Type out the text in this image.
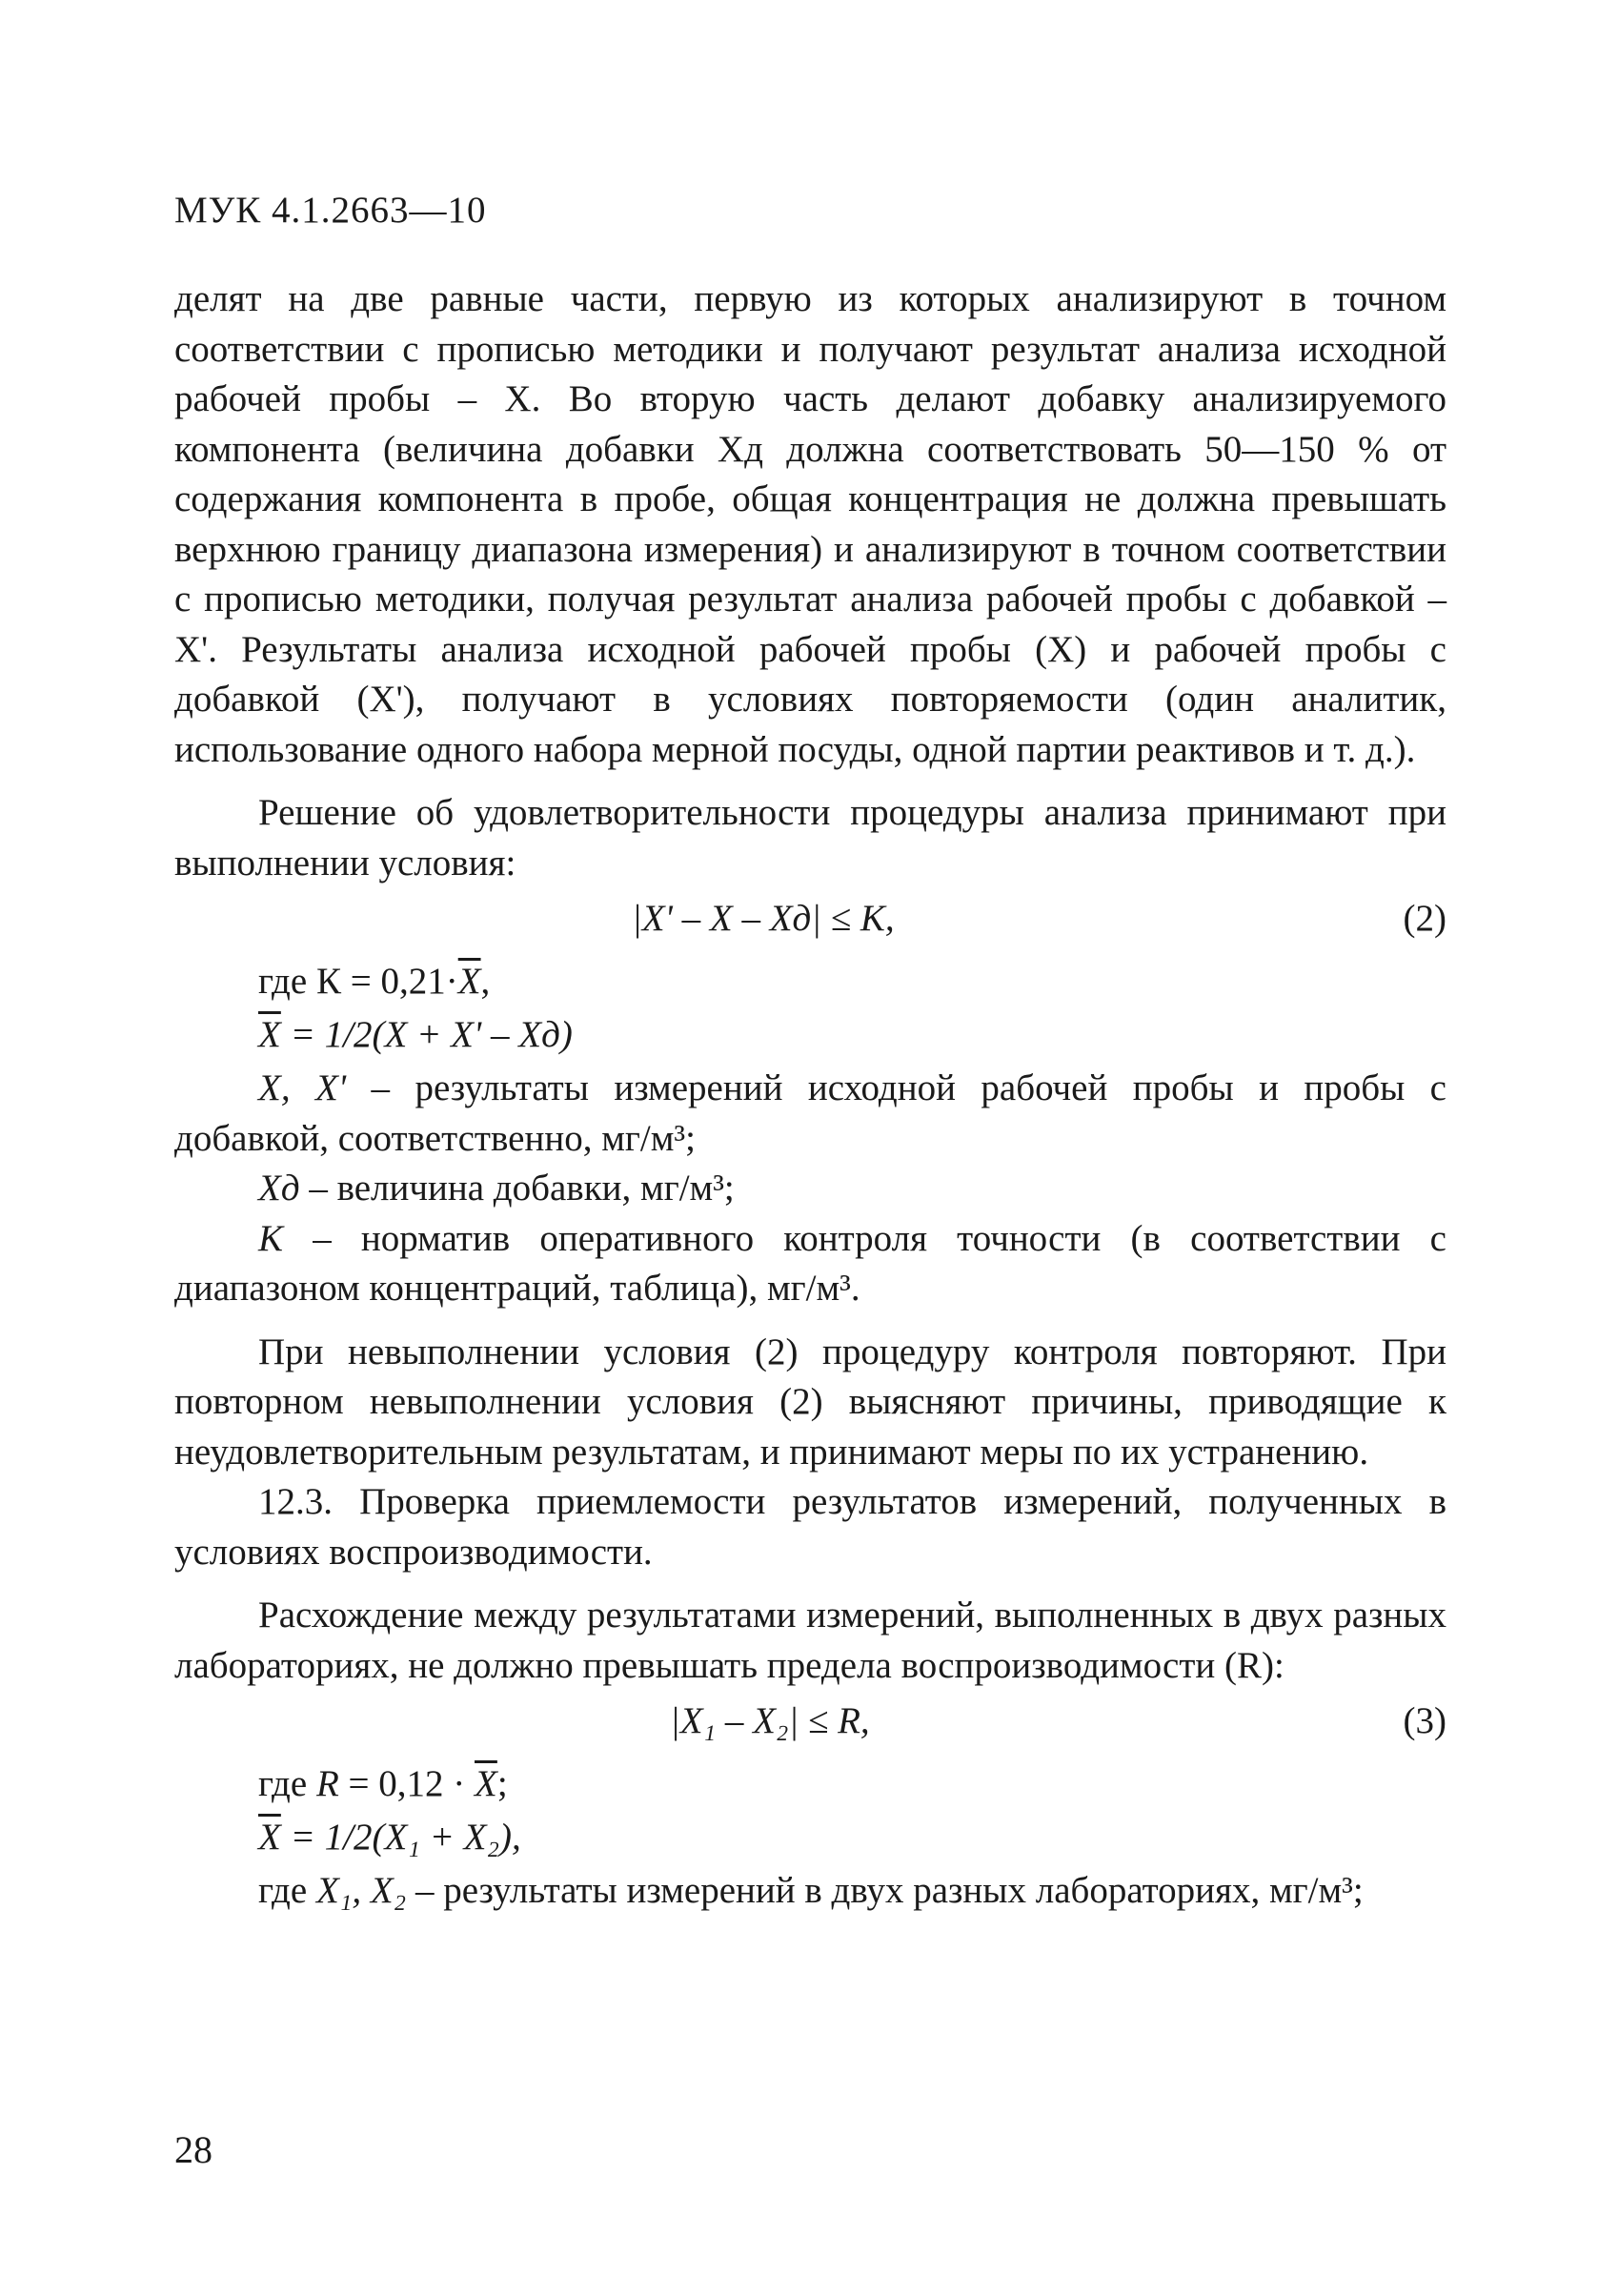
МУК 4.1.2663—10

делят на две равные части, первую из которых анализируют в точном соответствии с прописью методики и получают результат анализа исходной рабочей пробы – X. Во вторую часть делают добавку анализируемого компонента (величина добавки Xд должна соответствовать 50—150 % от содержания компонента в пробе, общая концентрация не должна превышать верхнюю границу диапазона измерения) и анализируют в точном соответствии с прописью методики, получая результат анализа рабочей пробы с добавкой – X'. Результаты анализа исходной рабочей пробы (X) и рабочей пробы с добавкой (X'), получают в условиях повторяемости (один аналитик, использование одного набора мерной посуды, одной партии реактивов и т. д.).

Решение об удовлетворительности процедуры анализа принимают при выполнении условия:

|X' – X – Xд| ≤ K,	(2)
где $К = 0,21\cdot\overline{X}$,
$\overline{X} = 1/2(X + X' - Xд)$

X, X' – результаты измерений исходной рабочей пробы и пробы с добавкой, соответственно, мг/м³;

Xд – величина добавки, мг/м³;

K – норматив оперативного контроля точности (в соответствии с диапазоном концентраций, таблица), мг/м³.

При невыполнении условия (2) процедуру контроля повторяют. При повторном невыполнении условия (2) выясняют причины, приводящие к неудовлетворительным результатам, и принимают меры по их устранению.

12.3. Проверка приемлемости результатов измерений, полученных в условиях воспроизводимости.

Расхождение между результатами измерений, выполненных в двух разных лабораториях, не должно превышать предела воспроизводимости (R):

|X₁ – X₂| ≤ R,	(3)
где $R = 0,12 \cdot \overline{X}$;
$\overline{X} = 1/2(X_1 + X_2)$,

где X₁, X₂ – результаты измерений в двух разных лабораториях, мг/м³;

28
